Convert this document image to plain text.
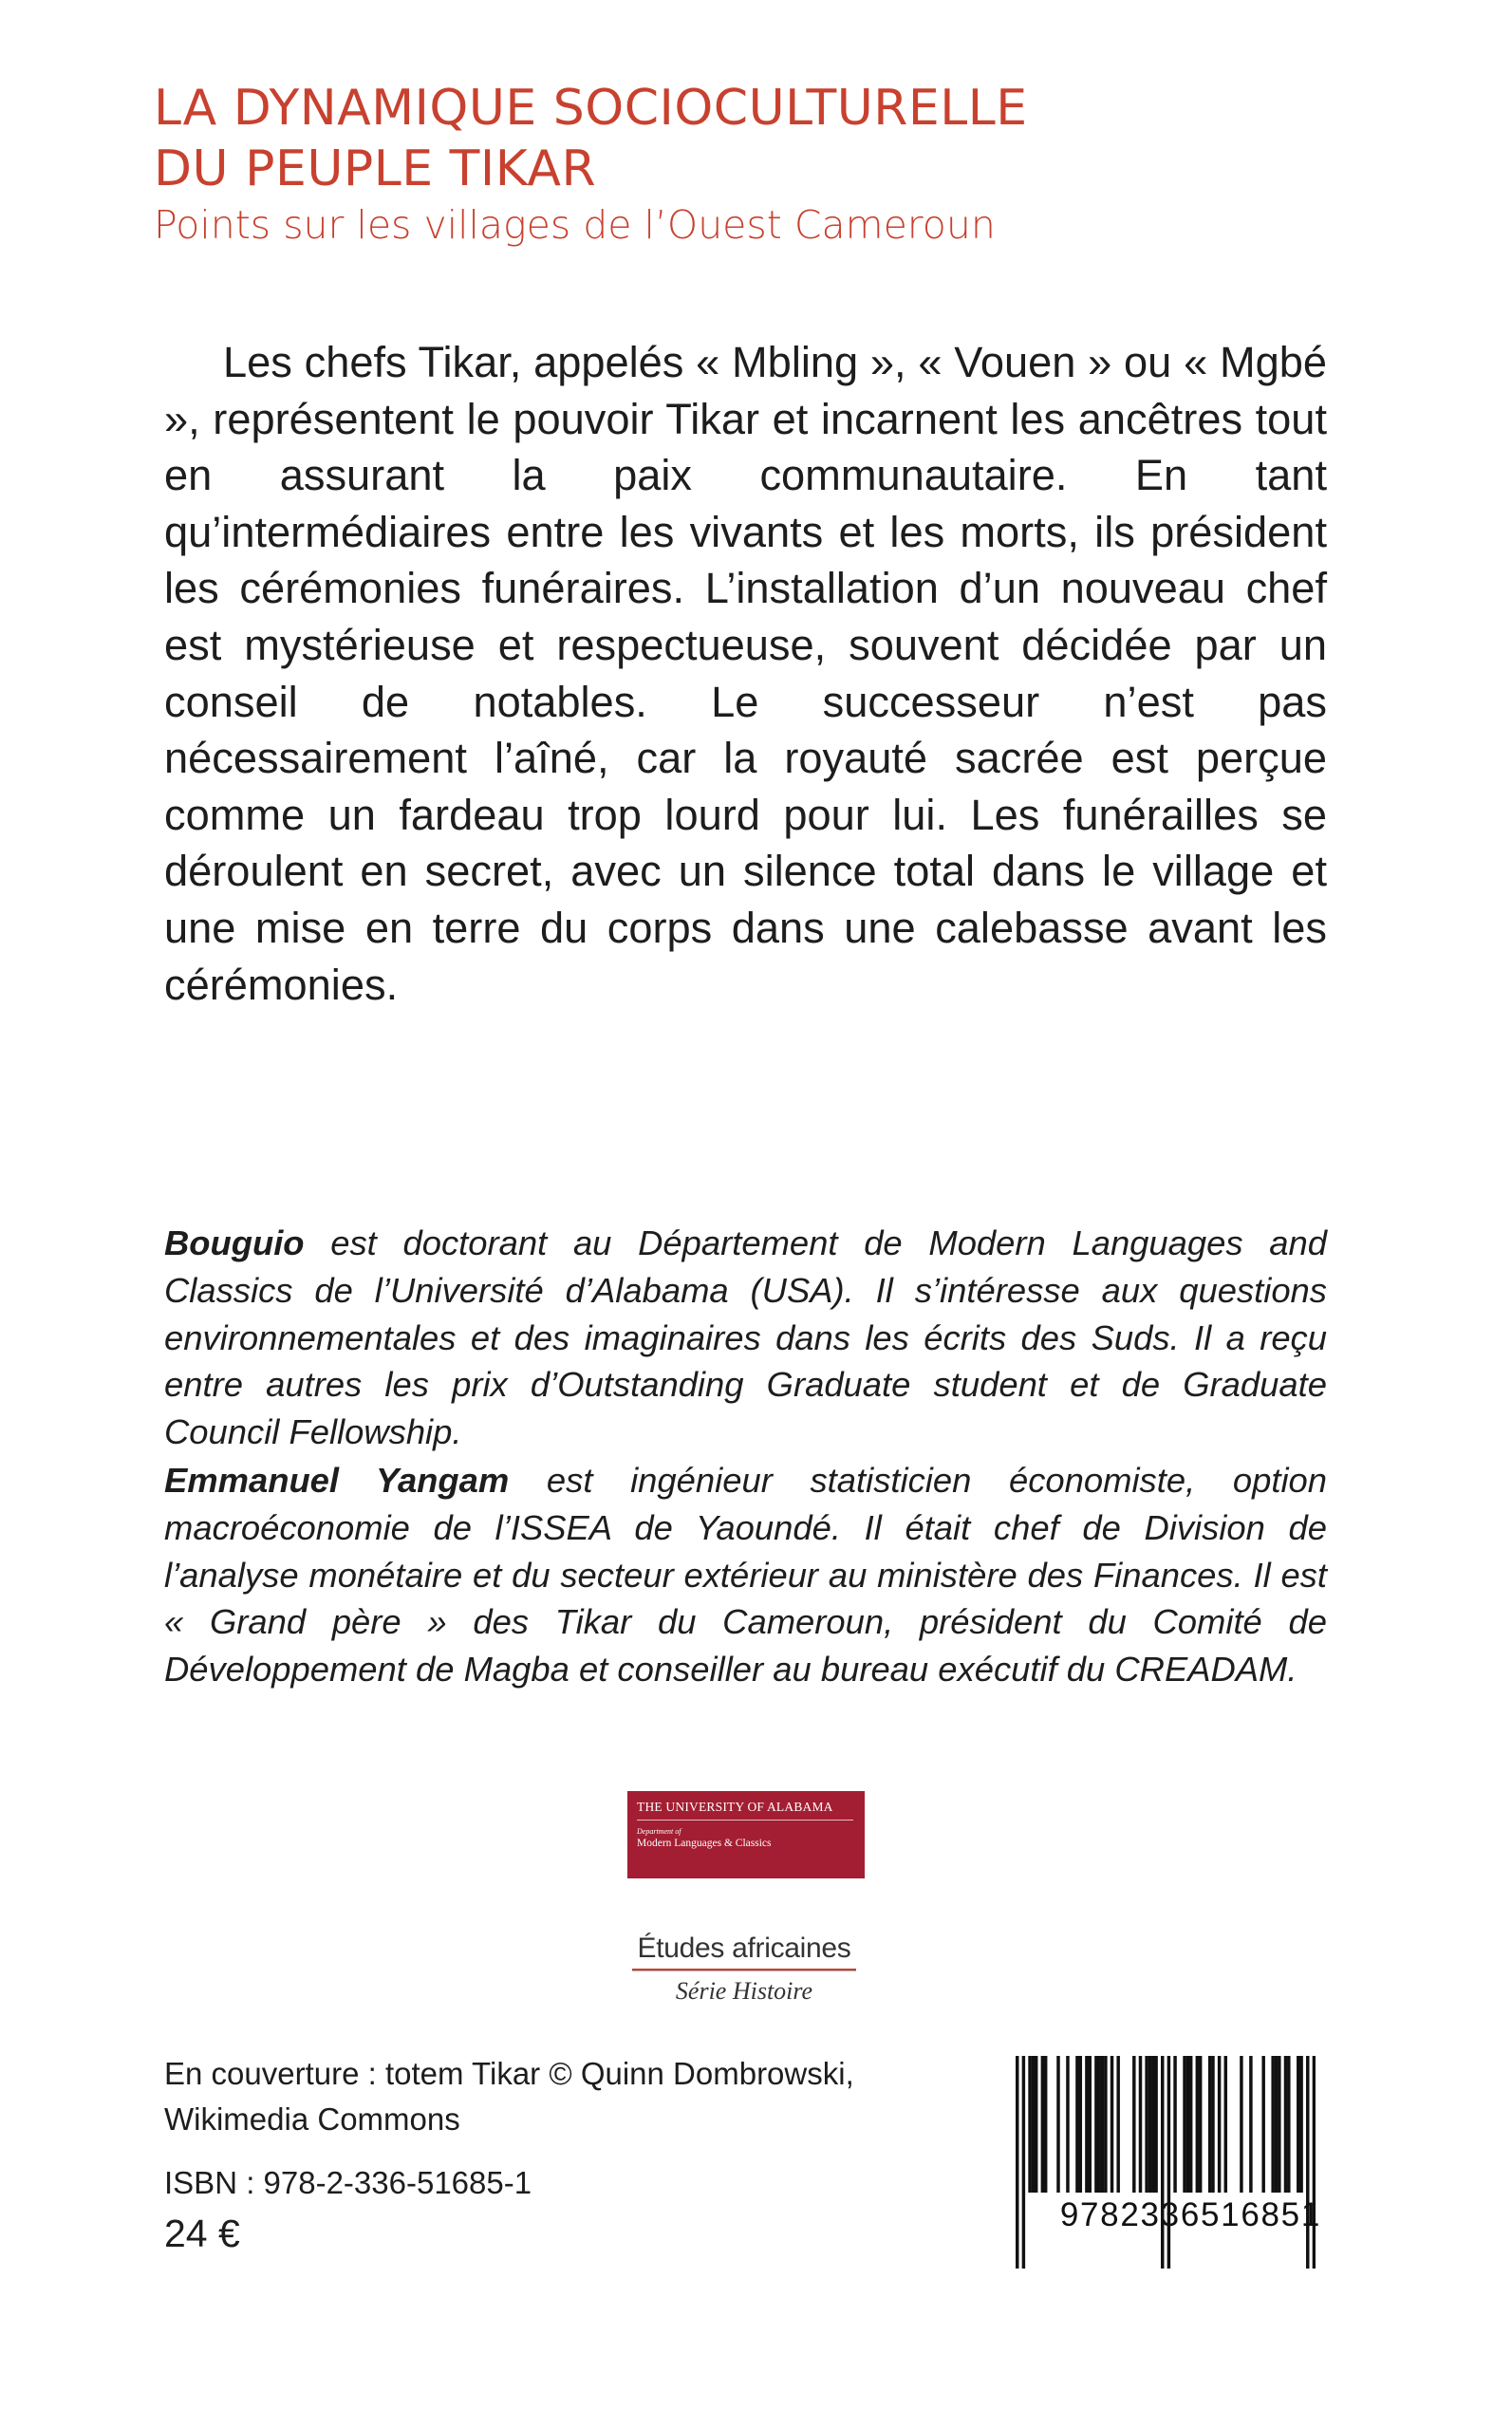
LA DYNAMIQUE SOCIOCULTURELLE
DU PEUPLE TIKAR

Points sur les villages de l’Ouest Cameroun

Les chefs Tikar, appelés « Mbling », « Vouen » ou « Mgbé », représentent le pouvoir Tikar et incarnent les ancêtres tout en assurant la paix communautaire. En tant qu’intermédiaires entre les vivants et les morts, ils président les cérémonies funéraires. L’installation d’un nouveau chef est mystérieuse et respectueuse, souvent décidée par un conseil de notables. Le successeur n’est pas nécessairement l’aîné, car la royauté sacrée est perçue comme un fardeau trop lourd pour lui. Les funérailles se déroulent en secret, avec un silence total dans le village et une mise en terre du corps dans une calebasse avant les cérémonies.

Bouguio est doctorant au Département de Modern Languages and Classics de l’Université d’Alabama (USA). Il s’intéresse aux questions environnementales et des imaginaires dans les écrits des Suds. Il a reçu entre autres les prix d’Outstanding Graduate student et de Graduate Council Fellowship.

Emmanuel Yangam est ingénieur statisticien économiste, option macroéconomie de l’ISSEA de Yaoundé. Il était chef de Division de l’analyse monétaire et du secteur extérieur au ministère des Finances. Il est « Grand père » des Tikar du Cameroun, président du Comité de Développement de Magba et conseiller au bureau exécutif du CREADAM.

THE UNIVERSITY OF ALABAMA
Department of
Modern Languages & Classics
Études africaines
Série Histoire

En couverture : totem Tikar © Quinn Dombrowski,
Wikimedia Commons

ISBN : 978-2-336-51685-1
24 €	9782336516851
